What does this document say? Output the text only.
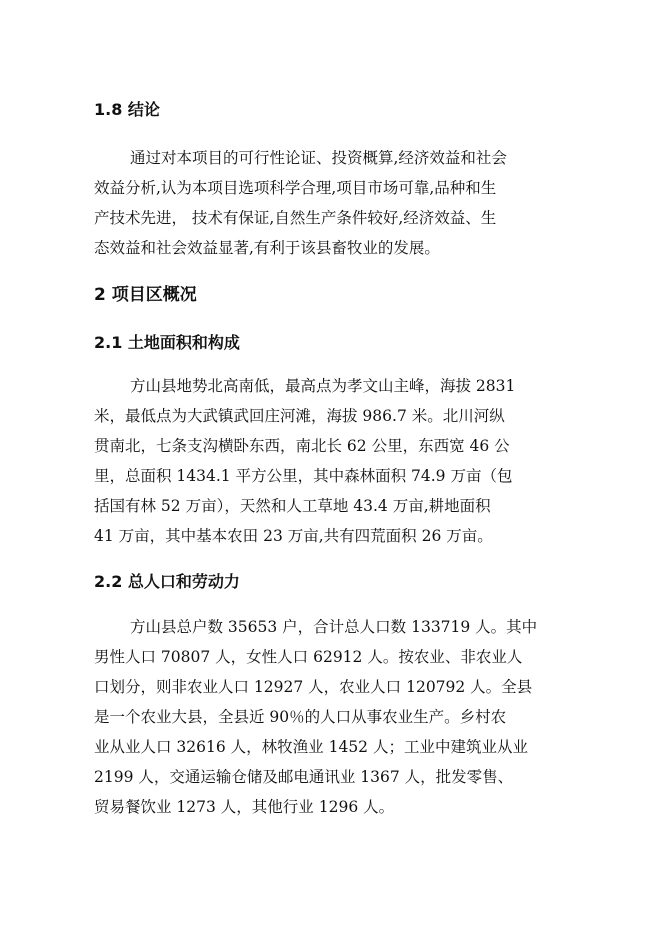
1.8 结论

通过对本项目的可行性论证、投资概算,经济效益和社会

效益分析,认为本项目选项科学合理,项目市场可靠,品种和生

产技术先进， 技术有保证,自然生产条件较好,经济效益、生

态效益和社会效益显著,有利于该县畜牧业的发展。

2 项目区概况
2.1 土地面积和构成

方山县地势北高南低，最高点为孝文山主峰，海拔 2831

米，最低点为大武镇武回庄河滩，海拔 986.7 米。北川河纵

贯南北，七条支沟横卧东西，南北长 62 公里，东西宽 46 公

里，总面积 1434.1 平方公里，其中森林面积 74.9 万亩（包

括国有林 52 万亩），天然和人工草地 43.4 万亩,耕地面积

41 万亩，其中基本农田 23 万亩,共有四荒面积 26 万亩。

2.2 总人口和劳动力

方山县总户数 35653 户，合计总人口数 133719 人。其中

男性人口 70807 人，女性人口 62912 人。按农业、非农业人

口划分，则非农业人口 12927 人，农业人口 120792 人。全县

是一个农业大县，全县近 90％的人口从事农业生产。乡村农

业从业人口 32616 人，林牧渔业 1452 人；工业中建筑业从业

2199 人，交通运输仓储及邮电通讯业 1367 人，批发零售、

贸易餐饮业 1273 人，其他行业 1296 人。
